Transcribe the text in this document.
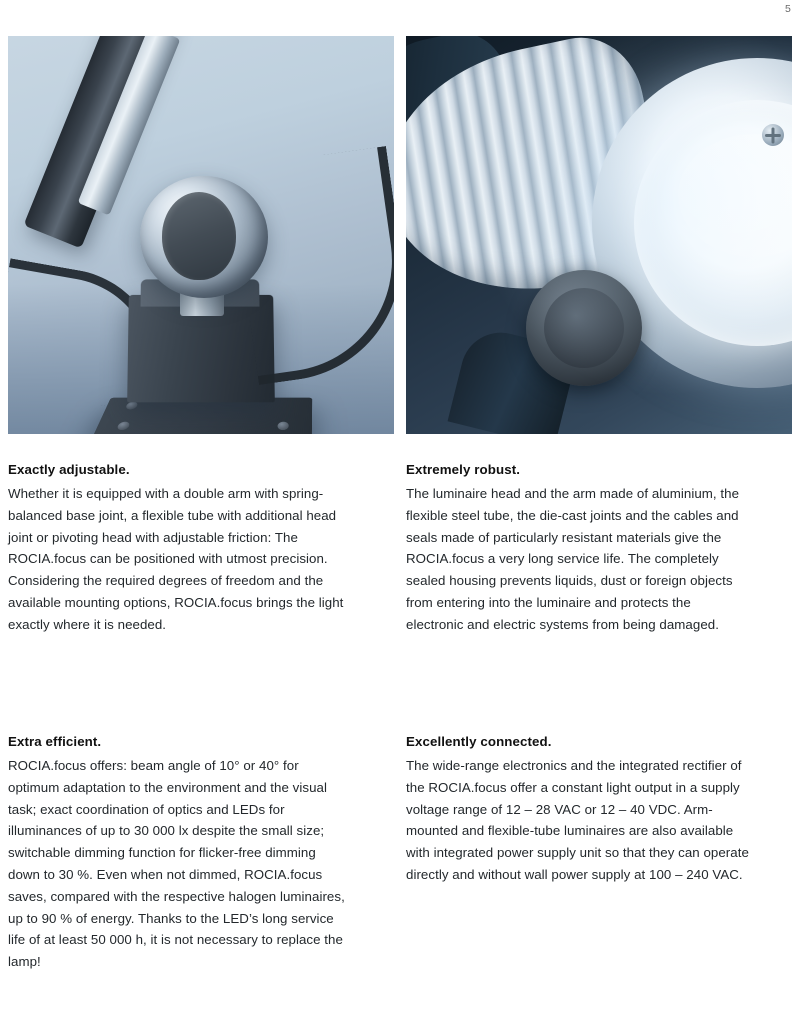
5
Exactly adjustable.

Whether it is equipped with a double arm with spring-balanced base joint, a flexible tube with additional head joint or pivoting head with adjustable friction: The ROCIA.focus can be positioned with utmost precision. Considering the required degrees of freedom and the available mounting options, ROCIA.focus brings the light exactly where it is needed.

Extremely robust.

The luminaire head and the arm made of aluminium, the flexible steel tube, the die-cast joints and the cables and seals made of particularly resistant materials give the ROCIA.focus a very long service life. The completely sealed housing prevents liquids, dust or foreign objects from entering into the luminaire and protects the electronic and electric systems from being damaged.

Extra efficient.

ROCIA.focus offers: beam angle of 10° or 40° for optimum adaptation to the environment and the visual task; exact coordination of optics and LEDs for illuminances of up to 30 000 lx despite the small size; switchable dimming function for flicker-free dimming down to 30 %. Even when not dimmed, ROCIA.focus saves, compared with the respective halogen luminaires, up to 90 % of energy. Thanks to the LED’s long service life of at least 50 000 h, it is not necessary to replace the lamp!

Excellently connected.

The wide-range electronics and the integrated rectifier of the ROCIA.focus offer a constant light output in a supply voltage range of 12 – 28 VAC or 12 – 40 VDC. Arm-mounted and flexible-tube luminaires are also available with integrated power supply unit so that they can operate directly and without wall power supply at 100 – 240 VAC.
